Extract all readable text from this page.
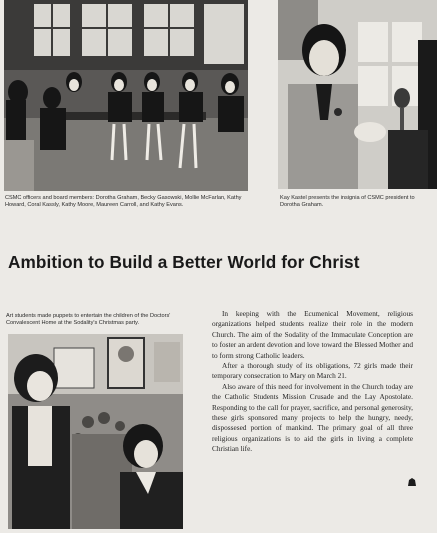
CSMC officers and board members: Dorotha Graham, Becky Gasowski, Mollie McFarlan, Kathy Howard, Coral Kassly, Kathy Moore, Maureen Carroll, and Kathy Evans.
Kay Kastel presents the insignia of CSMC president to Dorotha Graham.
Ambition to Build a Better World for Christ
Art students made puppets to entertain the children of the Doctors' Convalescent Home at the Sodality's Christmas party.

In keeping with the Ecumenical Movement, religious organizations helped students realize their role in the modern Church. The aim of the Sodality of the Immaculate Conception are to foster an ardent devotion and love toward the Blessed Mother and to form strong Catholic leaders.

After a thorough study of its obligations, 72 girls made their temporary consecration to Mary on March 21.

Also aware of this need for involvement in the Church today are the Catholic Students Mission Crusade and the Lay Apostolate. Responding to the call for prayer, sacrifice, and personal generosity, these girls sponsored many projects to help the hungry, needy, dispossesed portion of mankind. The primary goal of all three religious organizations is to aid the girls in living a complete Christian life.
